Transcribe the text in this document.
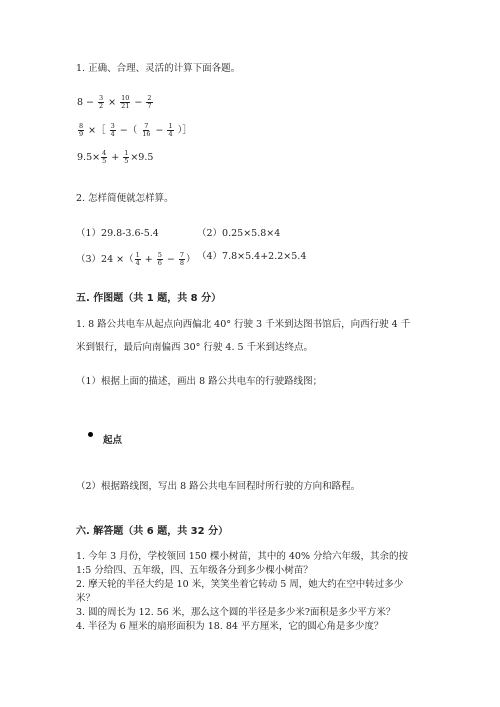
1. 正确、合理、灵活的计算下面各题。
$8 - \frac{3}{2} \times \frac{10}{21} - \frac{2}{7}$
$\frac{8}{9}$ ×［ $\frac{3}{4}$ −（ $\frac{7}{16} - \frac{1}{4}$ ）］
$9.5\times \frac{4}{5} + \frac{1}{5} \times 9.5$
2. 怎样简便就怎样算。
（1）29.8-3.6-5.4	（2）0.25×5.8×4
（3）24 ×（ $\frac{1}{4} + \frac{5}{6} - \frac{7}{8}$ ） （4）7.8×5.4+2.2×5.4
五. 作图题（共 1 题，共 8 分）
1. 8 路公共电车从起点向西偏北 40° 行驶 3 千米到达图书馆后，向西行驶 4 千
米到银行，最后向南偏西 30° 行驶 4. 5 千米到达终点。
（1）根据上面的描述，画出 8 路公共电车的行驶路线图；
起点
（2）根据路线图，写出 8 路公共电车回程时所行驶的方向和路程。
六. 解答题（共 6 题，共 32 分）
1. 今年 3 月份，学校领回 150 棵小树苗，其中的 40% 分给六年级，其余的按
1:5 分给四、五年级，四、五年级各分到多少棵小树苗？
2. 摩天轮的半径大约是 10 米，笑笑坐着它转动 5 周，她大约在空中转过多少
米？
3. 圆的周长为 12. 56 米，那么这个圆的半径是多少米?面积是多少平方米？
4. 半径为 6 厘米的扇形面积为 18. 84 平方厘米，它的圆心角是多少度？
